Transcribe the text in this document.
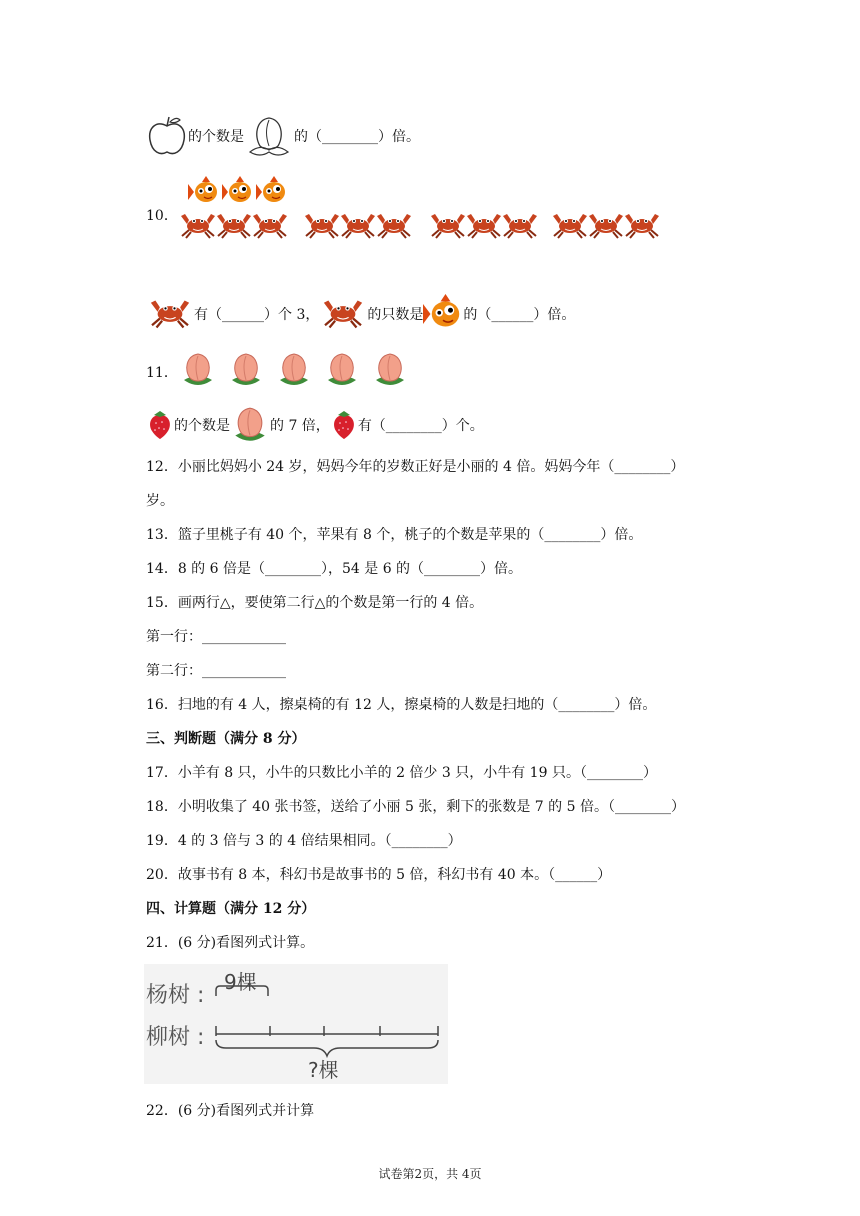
的个数是	的（________）倍。
10．
有（______）个 3，	的只数是	的（______）倍。
11．
的个数是	的 7 倍， 有（________）个。
12．小丽比妈妈小 24 岁，妈妈今年的岁数正好是小丽的 4 倍。妈妈今年（________）
岁。
13．篮子里桃子有 40 个，苹果有 8 个，桃子的个数是苹果的（________）倍。
14．8 的 6 倍是（________），54 是 6 的（________）倍。
15．画两行△，要使第二行△的个数是第一行的 4 倍。
第一行：____________
第二行：____________
16．扫地的有 4 人，擦桌椅的有 12 人，擦桌椅的人数是扫地的（________）倍。
三、判断题（满分 8 分）
17．小羊有 8 只，小牛的只数比小羊的 2 倍少 3 只，小牛有 19 只。（________）
18．小明收集了 40 张书签，送给了小丽 5 张，剩下的张数是 7 的 5 倍。（________）
19．4 的 3 倍与 3 的 4 倍结果相同。（________）
20．故事书有 8 本，科幻书是故事书的 5 倍，科幻书有 40 本。（______）
四、计算题（满分 12 分）
21．(6 分)看图列式计算。
杨树 :
柳树 :
9棵
?棵
22．(6 分)看图列式并计算
试卷第2页，共 4页
